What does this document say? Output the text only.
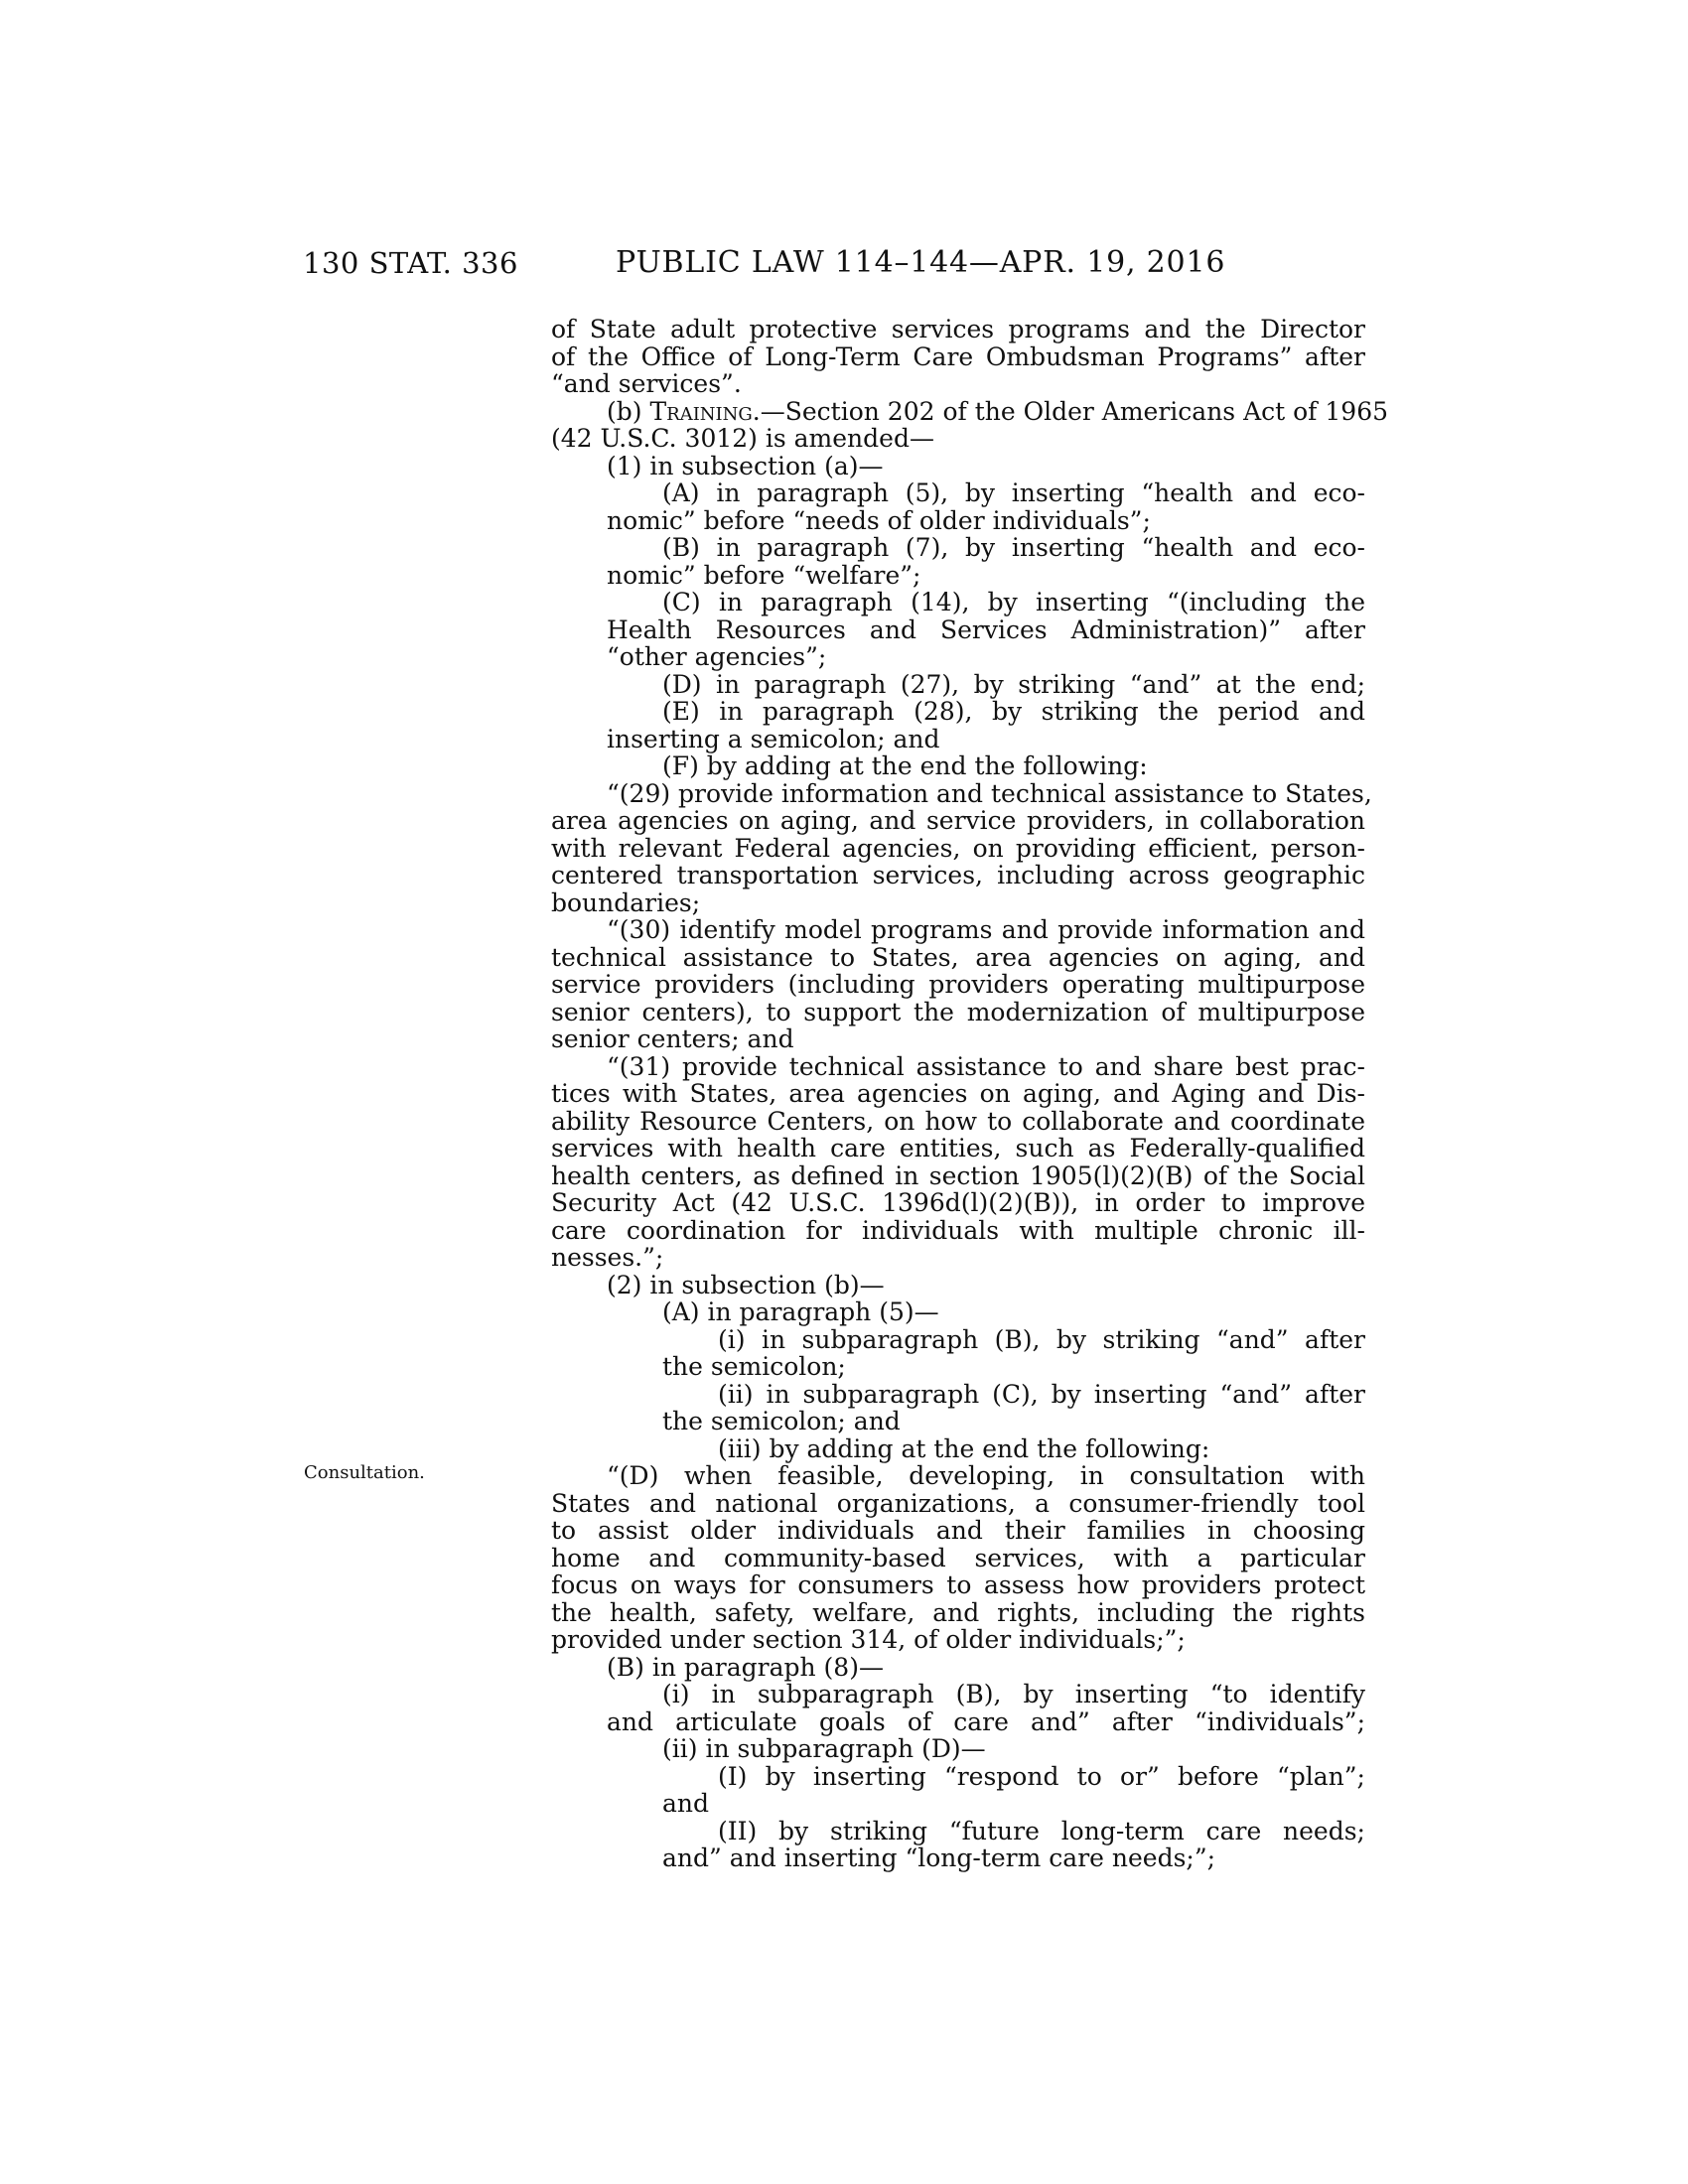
130 STAT. 336	PUBLIC LAW 114–144—APR. 19, 2016
Consultation.
of State adult protective services programs and the Director
of the Office of Long-Term Care Ombudsman Programs” after
“and services”.
(b) Training.—Section 202 of the Older Americans Act of 1965
(42 U.S.C. 3012) is amended—
(1) in subsection (a)—
(A) in paragraph (5), by inserting “health and eco-
nomic” before “needs of older individuals”;
(B) in paragraph (7), by inserting “health and eco-
nomic” before “welfare”;
(C) in paragraph (14), by inserting “(including the
Health Resources and Services Administration)” after
“other agencies”;
(D) in paragraph (27), by striking “and” at the end;
(E) in paragraph (28), by striking the period and
inserting a semicolon; and
(F) by adding at the end the following:
“(29) provide information and technical assistance to States,
area agencies on aging, and service providers, in collaboration
with relevant Federal agencies, on providing efficient, person-
centered transportation services, including across geographic
boundaries;
“(30) identify model programs and provide information and
technical assistance to States, area agencies on aging, and
service providers (including providers operating multipurpose
senior centers), to support the modernization of multipurpose
senior centers; and
“(31) provide technical assistance to and share best prac-
tices with States, area agencies on aging, and Aging and Dis-
ability Resource Centers, on how to collaborate and coordinate
services with health care entities, such as Federally-qualified
health centers, as defined in section 1905(l)(2)(B) of the Social
Security Act (42 U.S.C. 1396d(l)(2)(B)), in order to improve
care coordination for individuals with multiple chronic ill-
nesses.”;
(2) in subsection (b)—
(A) in paragraph (5)—
(i) in subparagraph (B), by striking “and” after
the semicolon;
(ii) in subparagraph (C), by inserting “and” after
the semicolon; and
(iii) by adding at the end the following:
“(D) when feasible, developing, in consultation with
States and national organizations, a consumer-friendly tool
to assist older individuals and their families in choosing
home and community-based services, with a particular
focus on ways for consumers to assess how providers protect
the health, safety, welfare, and rights, including the rights
provided under section 314, of older individuals;”;
(B) in paragraph (8)—
(i) in subparagraph (B), by inserting “to identify
and articulate goals of care and” after “individuals”;
(ii) in subparagraph (D)—
(I) by inserting “respond to or” before “plan”;
and
(II) by striking “future long-term care needs;
and” and inserting “long-term care needs;”;
